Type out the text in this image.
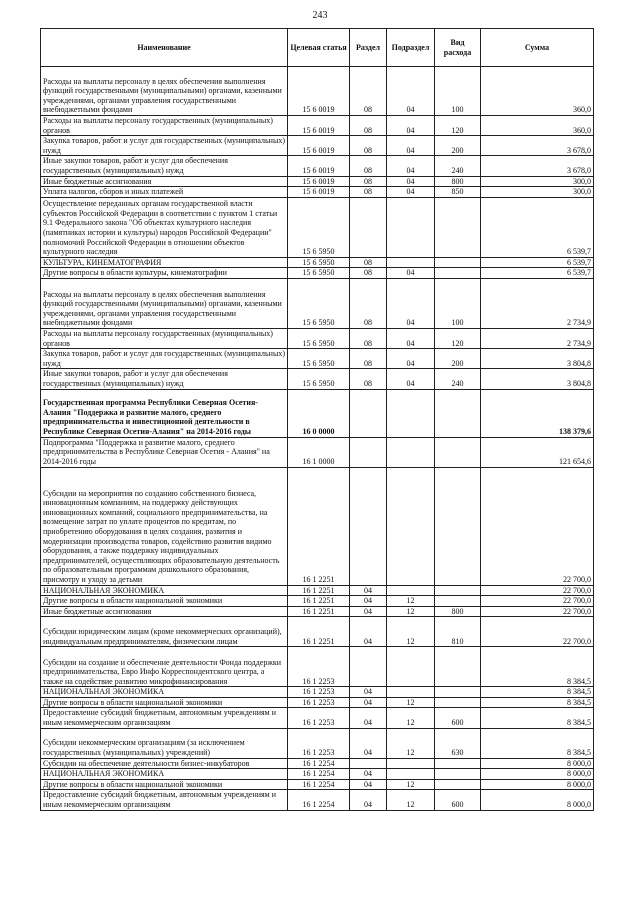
243
Наименование	Целевая статья	Раздел	Подраздел	Вид расхода	Сумма
Расходы на выплаты персоналу в целях обеспечения выполнения функций государственными (муниципальными) органами, казенными учреждениями, органами управления государственными внебюджетными фондами	15 6 0019	08	04	100	360,0
Расходы на выплаты персоналу государственных (муниципальных) органов	15 6 0019	08	04	120	360,0
Закупка товаров, работ и услуг для государственных (муниципальных) нужд	15 6 0019	08	04	200	3 678,0
Иные закупки товаров, работ и услуг для обеспечения государственных (муниципальных) нужд	15 6 0019	08	04	240	3 678,0
Иные бюджетные ассигнования	15 6 0019	08	04	800	300,0
Уплата налогов, сборов и иных платежей	15 6 0019	08	04	850	300,0
Осуществление переданных органам государственной власти субъектов Российской Федерации в соответствии с пунктом 1 статьи 9.1 Федерального закона "Об объектах культурного наследия (памятниках истории и культуры) народов Российской Федерации" полномочий Российской Федерации в отношении объектов культурного наследия	15 6 5950				6 539,7
КУЛЬТУРА, КИНЕМАТОГРАФИЯ	15 6 5950	08			6 539,7
Другие вопросы в области культуры, кинематографии	15 6 5950	08	04		6 539,7
Расходы на выплаты персоналу в целях обеспечения выполнения функций государственными (муниципальными) органами, казенными учреждениями, органами управления государственными внебюджетными фондами	15 6 5950	08	04	100	2 734,9
Расходы на выплаты персоналу государственных (муниципальных) органов	15 6 5950	08	04	120	2 734,9
Закупка товаров, работ и услуг для государственных (муниципальных) нужд	15 6 5950	08	04	200	3 804,8
Иные закупки товаров, работ и услуг для обеспечения государственных (муниципальных) нужд	15 6 5950	08	04	240	3 804,8
Государственная программа Республики Северная Осетия-Алания "Поддержка и развитие малого, среднего предпринимательства и инвестиционной деятельности в Республике Северная Осетия-Алания" на 2014-2016 годы	16 0 0000				138 379,6
Подпрограмма "Поддержка и развитие малого, среднего предпринимательства в Республике Северная Осетия - Алания" на 2014-2016 годы	16 1 0000				121 654,6
Субсидии на мероприятия по созданию собственного бизнеса, инновационным компаниям, на поддержку действующих инновационных компаний, социального предпринимательства, на возмещение затрат по уплате процентов по кредитам, по приобретению оборудования в целях создания, развития и модернизации производства товаров, содействию развития видимо оборудования, а также поддержку индивидуальных предпринимателей, осуществляющих образовательную деятельность по образовательным программам дошкольного образования, присмотру и уходу за детьми	16 1 2251				22 700,0
НАЦИОНАЛЬНАЯ ЭКОНОМИКА	16 1 2251	04			22 700,0
Другие вопросы в области национальной экономики	16 1 2251	04	12		22 700,0
Иные бюджетные ассигнования	16 1 2251	04	12	800	22 700,0
Субсидии юридическим лицам (кроме некоммерческих организаций), индивидуальным предпринимателям, физическим лицам	16 1 2251	04	12	810	22 700,0
Субсидии на создание и обеспечение деятельности Фонда поддержки предпринимательства, Евро Инфо Корреспондентского центра, а также на содействие развитию микрофинансирования	16 1 2253				8 384,5
НАЦИОНАЛЬНАЯ ЭКОНОМИКА	16 1 2253	04			8 384,5
Другие вопросы в области национальной экономики	16 1 2253	04	12		8 384,5
Предоставление субсидий бюджетным, автономным учреждениям и иным некоммерческим организациям	16 1 2253	04	12	600	8 384,5
Субсидии некоммерческим организациям (за исключением государственных (муниципальных) учреждений)	16 1 2253	04	12	630	8 384,5
Субсидии на обеспечение деятельности бизнес-инкубаторов	16 1 2254				8 000,0
НАЦИОНАЛЬНАЯ ЭКОНОМИКА	16 1 2254	04			8 000,0
Другие вопросы в области национальной экономики	16 1 2254	04	12		8 000,0
Предоставление субсидий бюджетным, автономным учреждениям и иным некоммерческим организациям	16 1 2254	04	12	600	8 000,0
